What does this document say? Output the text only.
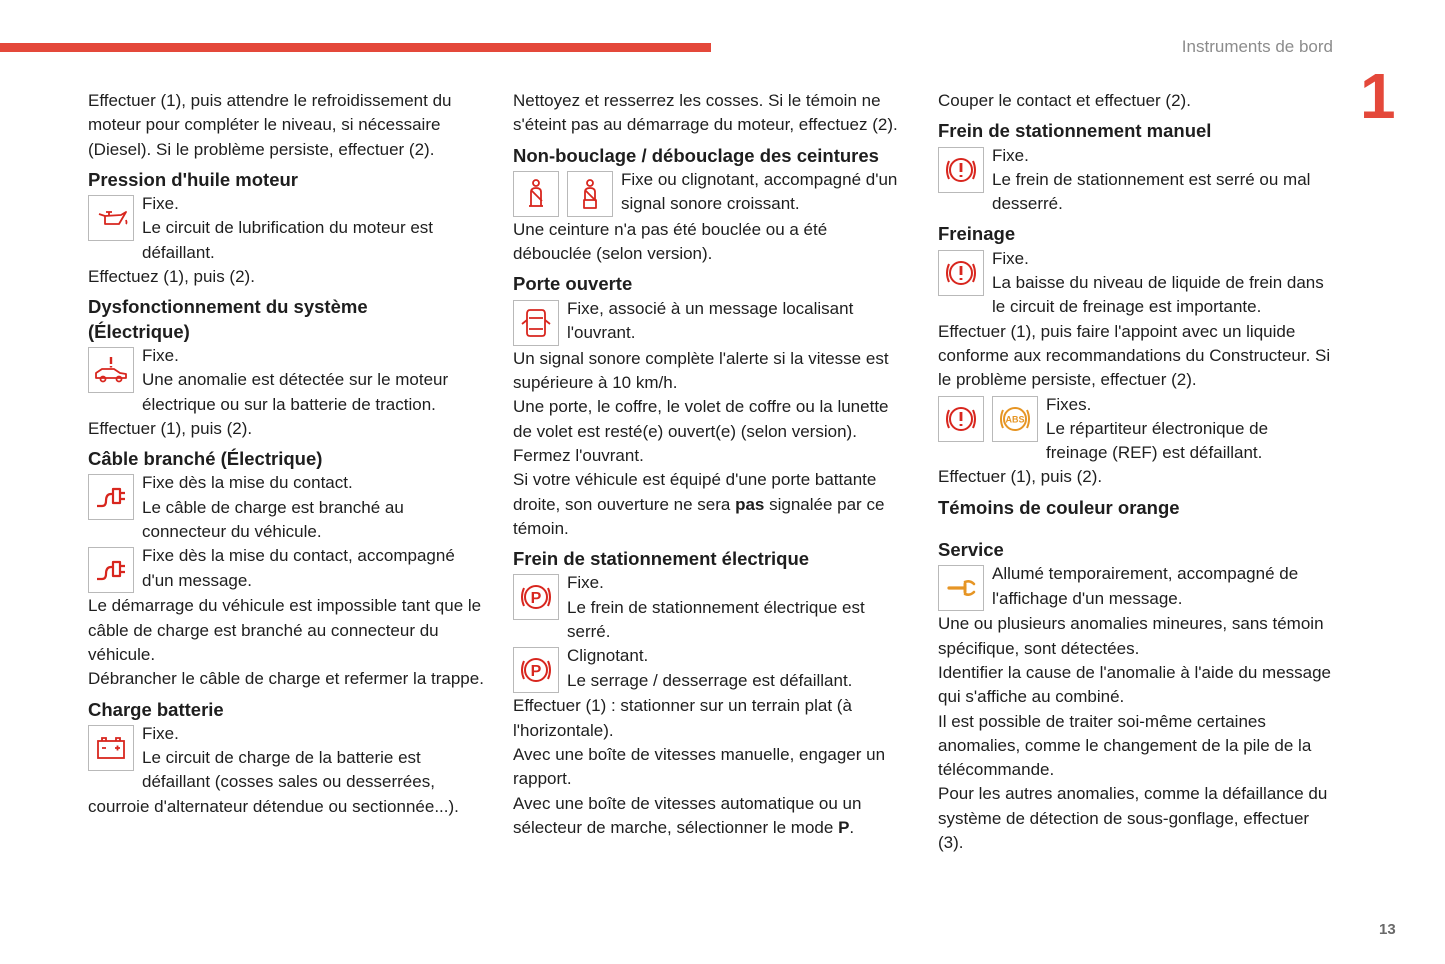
Instruments de bord
1
13

Effectuer (1), puis attendre le refroidissement du moteur pour compléter le niveau, si nécessaire (Diesel). Si le problème persiste, effectuer (2).

Pression d'huile moteur

Fixe.

Le circuit de lubrification du moteur est défaillant.

Effectuez (1), puis (2).

Dysfonctionnement du système
(Électrique)

Fixe.

Une anomalie est détectée sur le moteur électrique ou sur la batterie de traction.

Effectuer (1), puis (2).

Câble branché (Électrique)

Fixe dès la mise du contact.

Le câble de charge est branché au connecteur du véhicule.

Fixe dès la mise du contact, accompagné d'un message.

Le démarrage du véhicule est impossible tant que le câble de charge est branché au connecteur du véhicule.

Débrancher le câble de charge et refermer la trappe.

Charge batterie

Fixe.

Le circuit de charge de la batterie est défaillant (cosses sales ou desserrées, courroie d'alternateur détendue ou sectionnée...).

Nettoyez et resserrez les cosses. Si le témoin ne s'éteint pas au démarrage du moteur, effectuez (2).

Non-bouclage / débouclage des ceintures

Fixe ou clignotant, accompagné d'un signal sonore croissant.

Une ceinture n'a pas été bouclée ou a été débouclée (selon version).

Porte ouverte

Fixe, associé à un message localisant l'ouvrant.

Un signal sonore complète l'alerte si la vitesse est supérieure à 10 km/h.

Une porte, le coffre, le volet de coffre ou la lunette de volet est resté(e) ouvert(e) (selon version).

Fermez l'ouvrant.

Si votre véhicule est équipé d'une porte battante droite, son ouverture ne sera pas signalée par ce témoin.

Frein de stationnement électrique
P

Fixe.

Le frein de stationnement électrique est serré.

P

Clignotant.

Le serrage / desserrage est défaillant.

Effectuer (1) : stationner sur un terrain plat (à l'horizontale).

Avec une boîte de vitesses manuelle, engager un rapport.

Avec une boîte de vitesses automatique ou un sélecteur de marche, sélectionner le mode P.

Couper le contact et effectuer (2).

Frein de stationnement manuel

Fixe.

Le frein de stationnement est serré ou mal desserré.

Freinage

Fixe.

La baisse du niveau de liquide de frein dans le circuit de freinage est importante.

Effectuer (1), puis faire l'appoint avec un liquide conforme aux recommandations du Constructeur. Si le problème persiste, effectuer (2).

ABS

Fixes.

Le répartiteur électronique de freinage (REF) est défaillant.

Effectuer (1), puis (2).

Témoins de couleur orange
Service

Allumé temporairement, accompagné de l'affichage d'un message.

Une ou plusieurs anomalies mineures, sans témoin spécifique, sont détectées.

Identifier la cause de l'anomalie à l'aide du message qui s'affiche au combiné.

Il est possible de traiter soi-même certaines anomalies, comme le changement de la pile de la télécommande.

Pour les autres anomalies, comme la défaillance du système de détection de sous-gonflage, effectuer (3).
